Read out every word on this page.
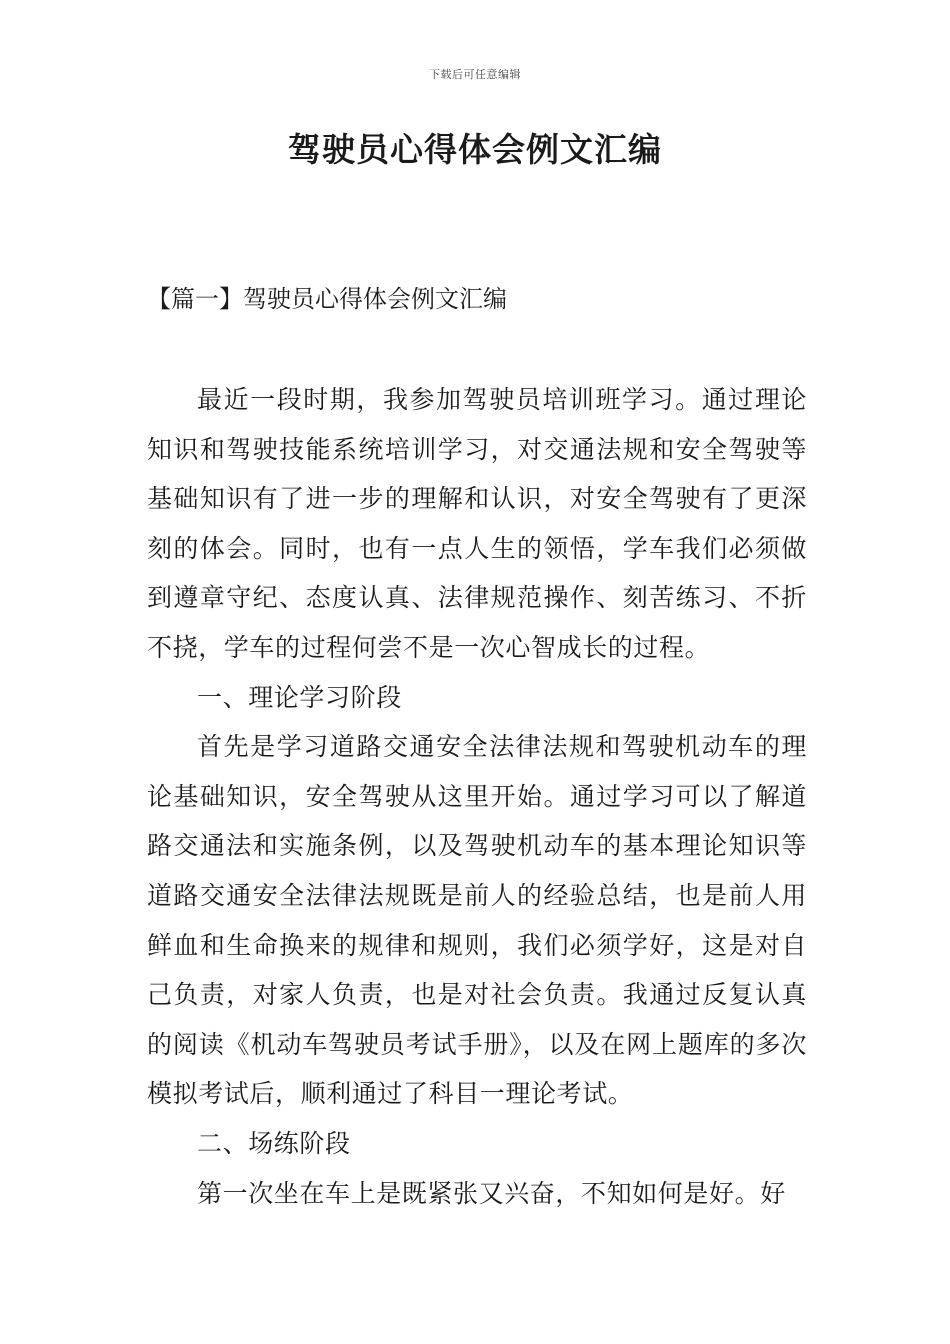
下载后可任意编辑
驾驶员心得体会例文汇编
【篇一】驾驶员心得体会例文汇编

最近一段时期，我参加驾驶员培训班学习。通过理论知识和驾驶技能系统培训学习，对交通法规和安全驾驶等基础知识有了进一步的理解和认识，对安全驾驶有了更深刻的体会。同时，也有一点人生的领悟，学车我们必须做到遵章守纪、态度认真、法律规范操作、刻苦练习、不折不挠，学车的过程何尝不是一次心智成长的过程。

一、理论学习阶段

首先是学习道路交通安全法律法规和驾驶机动车的理论基础知识，安全驾驶从这里开始。通过学习可以了解道路交通法和实施条例，以及驾驶机动车的基本理论知识等道路交通安全法律法规既是前人的经验总结，也是前人用鲜血和生命换来的规律和规则，我们必须学好，这是对自己负责，对家人负责，也是对社会负责。我通过反复认真的阅读《机动车驾驶员考试手册》，以及在网上题库的多次模拟考试后，顺利通过了科目一理论考试。

二、场练阶段

第一次坐在车上是既紧张又兴奋，不知如何是好。好
